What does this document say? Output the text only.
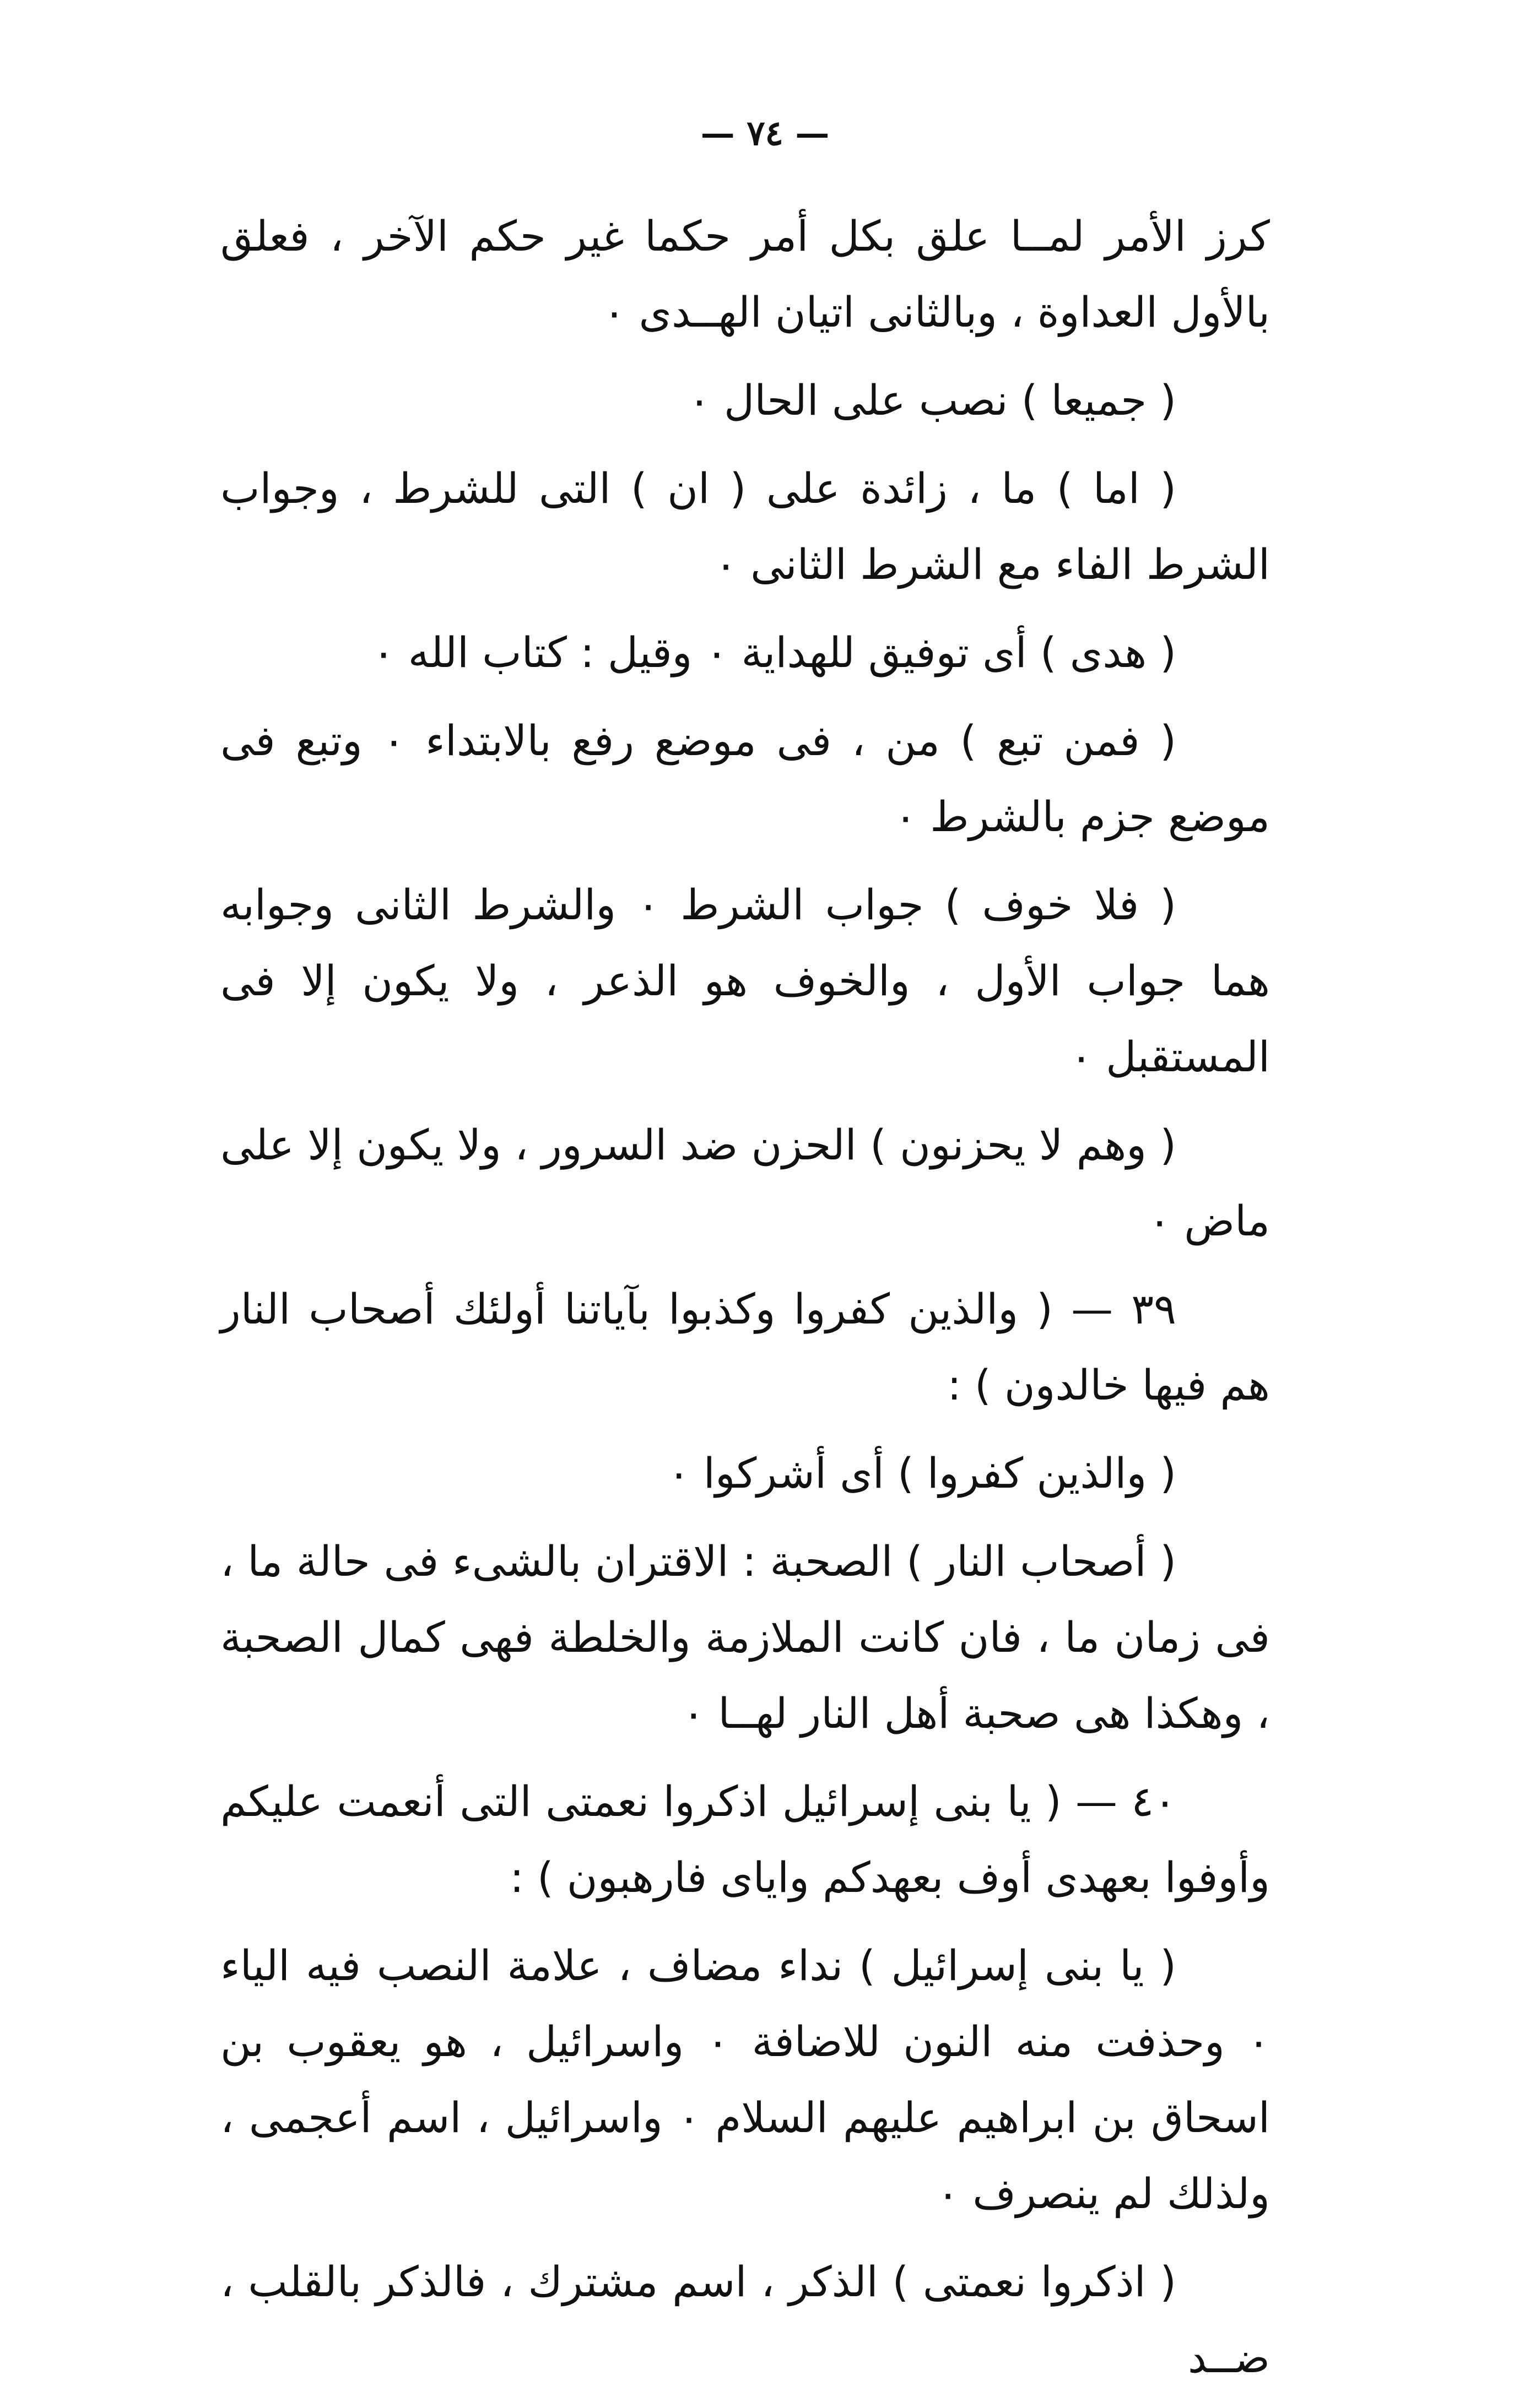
— ٧٤ —

كرز الأمر لمــا علق بكل أمر حكما غير حكم الآخر ، فعلق بالأول العداوة ، وبالثانى اتيان الهــدى ٠

( جميعا ) نصب على الحال ٠

( اما ) ما ، زائدة على ( ان ) التى للشرط ، وجواب الشرط الفاء مع الشرط الثانى ٠

( هدى ) أى توفيق للهداية ٠ وقيل : كتاب الله ٠

( فمن تبع ) من ، فى موضع رفع بالابتداء ٠ وتبع فى موضع جزم بالشرط ٠

( فلا خوف ) جواب الشرط ٠ والشرط الثانى وجوابه هما جواب الأول ، والخوف هو الذعر ، ولا يكون إلا فى المستقبل ٠

( وهم لا يحزنون ) الحزن ضد السرور ، ولا يكون إلا على ماض ٠

٣٩ — ( والذين كفروا وكذبوا بآياتنا أولئك أصحاب النار هم فيها خالدون ) :

( والذين كفروا ) أى أشركوا ٠

( أصحاب النار ) الصحبة : الاقتران بالشىء فى حالة ما ، فى زمان ما ، فان كانت الملازمة والخلطة فهى كمال الصحبة ، وهكذا هى صحبة أهل النار لهــا ٠

٤٠ — ( يا بنى إسرائيل اذكروا نعمتى التى أنعمت عليكم وأوفوا بعهدى أوف بعهدكم واياى فارهبون ) :

( يا بنى إسرائيل ) نداء مضاف ، علامة النصب فيه الياء ٠ وحذفت منه النون للاضافة ٠ واسرائيل ، هو يعقوب بن اسحاق بن ابراهيم عليهم السلام ٠ واسرائيل ، اسم أعجمى ، ولذلك لم ينصرف ٠

( اذكروا نعمتى ) الذكر ، اسم مشترك ، فالذكر بالقلب ، ضــد
